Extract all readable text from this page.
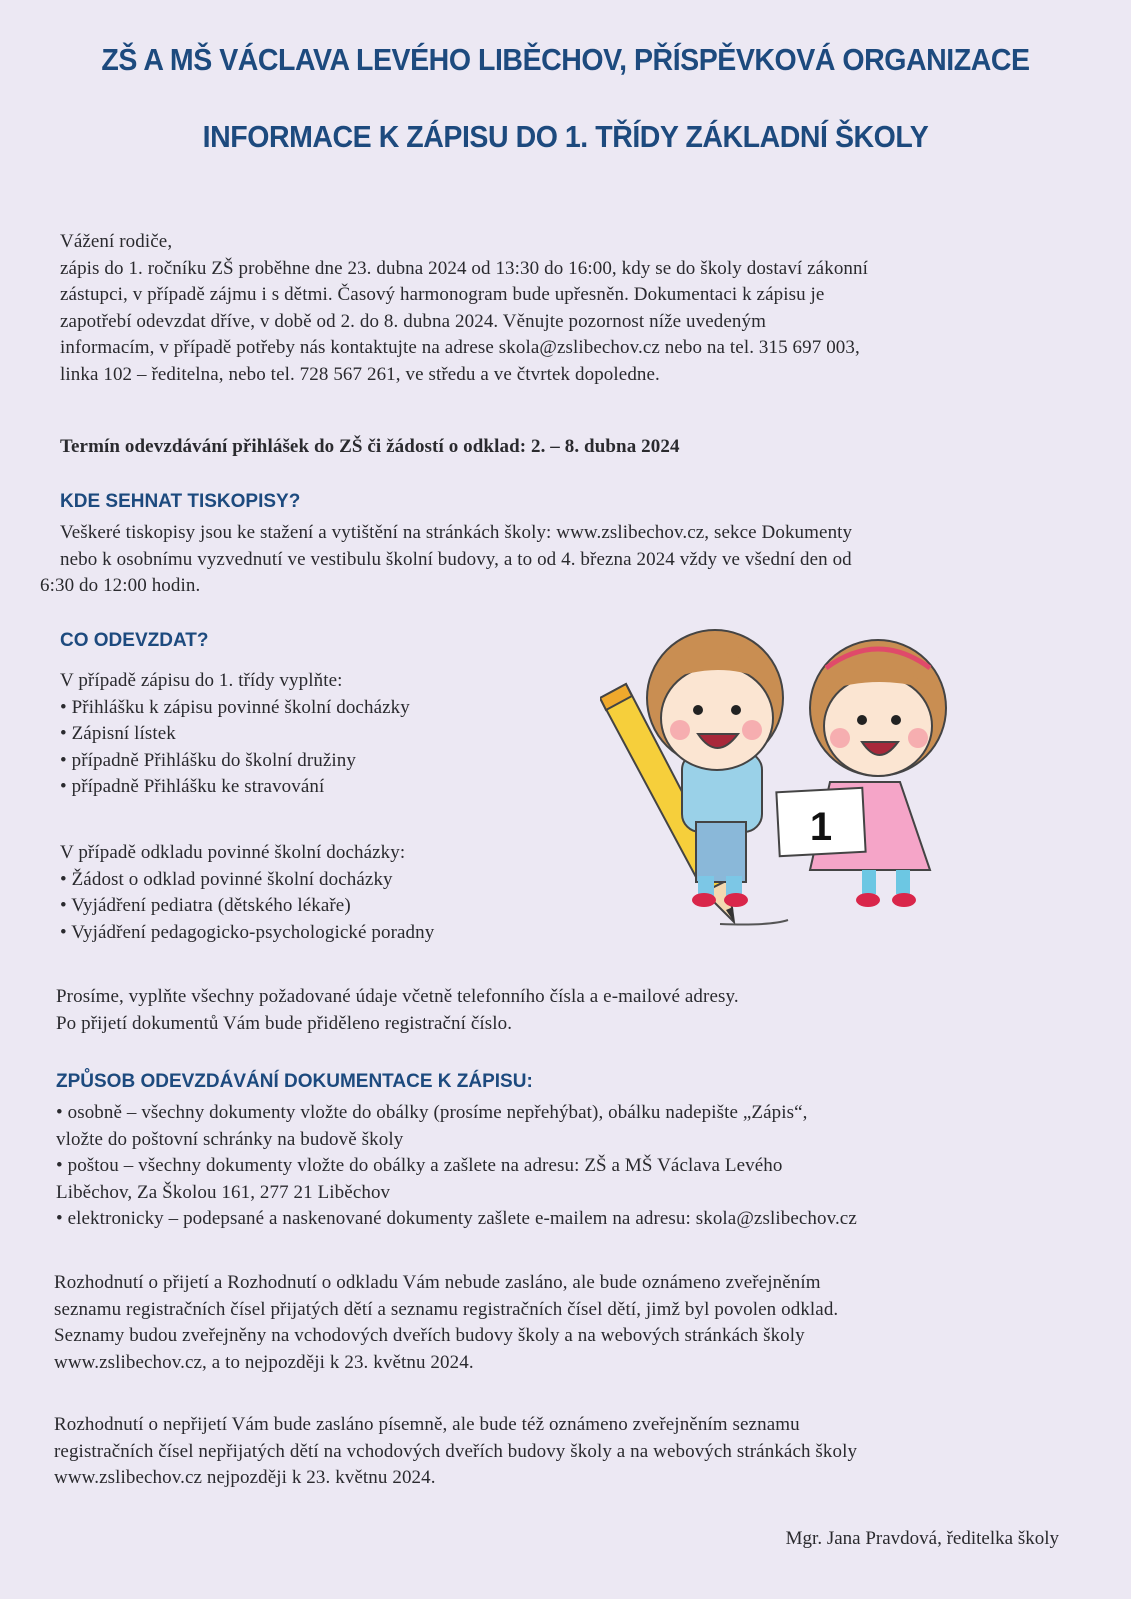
ZŠ A MŠ VÁCLAVA LEVÉHO LIBĚCHOV, PŘÍSPĚVKOVÁ ORGANIZACE
INFORMACE K ZÁPISU DO 1. TŘÍDY ZÁKLADNÍ ŠKOLY
Vážení rodiče,
zápis do 1. ročníku ZŠ proběhne dne 23. dubna 2024 od 13:30 do 16:00, kdy se do školy dostaví zákonní
zástupci, v případě zájmu i s dětmi. Časový harmonogram bude upřesněn. Dokumentaci k zápisu je
zapotřebí odevzdat dříve, v době od 2. do 8. dubna 2024. Věnujte pozornost níže uvedeným
informacím, v případě potřeby nás kontaktujte na adrese skola@zslibechov.cz nebo na tel. 315 697 003,
linka 102 – ředitelna, nebo tel. 728 567 261, ve středu a ve čtvrtek dopoledne.
Termín odevzdávání přihlášek do ZŠ či žádostí o odklad: 2. – 8. dubna 2024
KDE SEHNAT TISKOPISY?
Veškeré tiskopisy jsou ke stažení a vytištění na stránkách školy: www.zslibechov.cz, sekce Dokumenty
nebo k osobnímu vyzvednutí ve vestibulu školní budovy, a to od 4. března 2024 vždy ve všední den od
6:30 do 12:00 hodin.
CO ODEVZDAT?
V případě zápisu do 1. třídy vyplňte:
• Přihlášku k zápisu povinné školní docházky
• Zápisní lístek
• případně Přihlášku do školní družiny
• případně Přihlášku ke stravování
V případě odkladu povinné školní docházky:
• Žádost o odklad povinné školní docházky
• Vyjádření pediatra (dětského lékaře)
• Vyjádření pedagogicko-psychologické poradny
Prosíme, vyplňte všechny požadované údaje včetně telefonního čísla a e-mailové adresy.
Po přijetí dokumentů Vám bude přiděleno registrační číslo.
1
ZPŮSOB ODEVZDÁVÁNÍ DOKUMENTACE K ZÁPISU:
• osobně – všechny dokumenty vložte do obálky (prosíme nepřehýbat), obálku nadepište „Zápis“,
vložte do poštovní schránky na budově školy
• poštou – všechny dokumenty vložte do obálky a zašlete na adresu: ZŠ a MŠ Václava Levého
Liběchov, Za Školou 161, 277 21 Liběchov
• elektronicky – podepsané a naskenované dokumenty zašlete e-mailem na adresu: skola@zslibechov.cz
Rozhodnutí o přijetí a Rozhodnutí o odkladu Vám nebude zasláno, ale bude oznámeno zveřejněním
seznamu registračních čísel přijatých dětí a seznamu registračních čísel dětí, jimž byl povolen odklad.
Seznamy budou zveřejněny na vchodových dveřích budovy školy a na webových stránkách školy
www.zslibechov.cz, a to nejpozději k 23. květnu 2024.
Rozhodnutí o nepřijetí Vám bude zasláno písemně, ale bude též oznámeno zveřejněním seznamu
registračních čísel nepřijatých dětí na vchodových dveřích budovy školy a na webových stránkách školy
www.zslibechov.cz nejpozději k 23. květnu 2024.
Mgr. Jana Pravdová, ředitelka školy
